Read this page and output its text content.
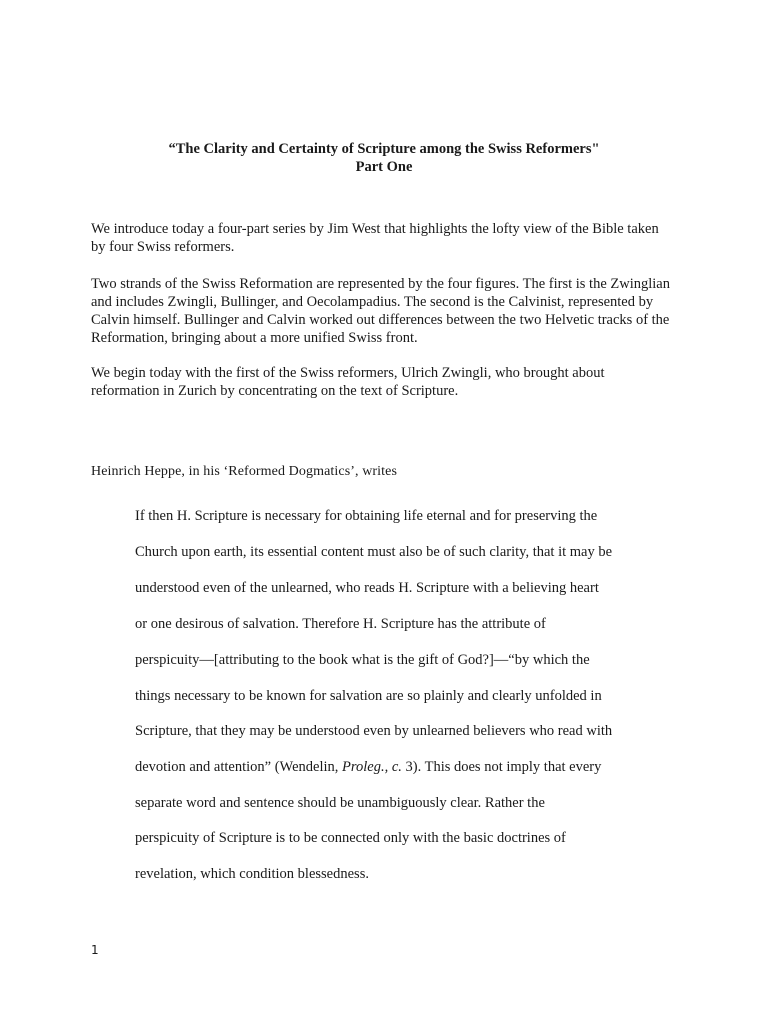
“The Clarity and Certainty of Scripture among the Swiss Reformers"
Part One

We introduce today a four-part series by Jim West that highlights the lofty view of the Bible taken by four Swiss reformers.

Two strands of the Swiss Reformation are represented by the four figures. The first is the Zwinglian and includes Zwingli, Bullinger, and Oecolampadius. The second is the Calvinist, represented by Calvin himself. Bullinger and Calvin worked out differences between the two Helvetic tracks of the Reformation, bringing about a more unified Swiss front.

We begin today with the first of the Swiss reformers, Ulrich Zwingli, who brought about reformation in Zurich by concentrating on the text of Scripture.

Heinrich Heppe, in his ‘Reformed Dogmatics’, writes

If then H. Scripture is necessary for obtaining life eternal and for preserving the

Church upon earth, its essential content must also be of such clarity, that it may be

understood even of the unlearned, who reads H. Scripture with a believing heart

or one desirous of salvation. Therefore H. Scripture has the attribute of

perspicuity—[attributing to the book what is the gift of God?]—“by which the

things necessary to be known for salvation are so plainly and clearly unfolded in

Scripture, that they may be understood even by unlearned believers who read with

devotion and attention” (Wendelin, Proleg., c. 3). This does not imply that every

separate word and sentence should be unambiguously clear. Rather the

perspicuity of Scripture is to be connected only with the basic doctrines of

revelation, which condition blessedness.

1
